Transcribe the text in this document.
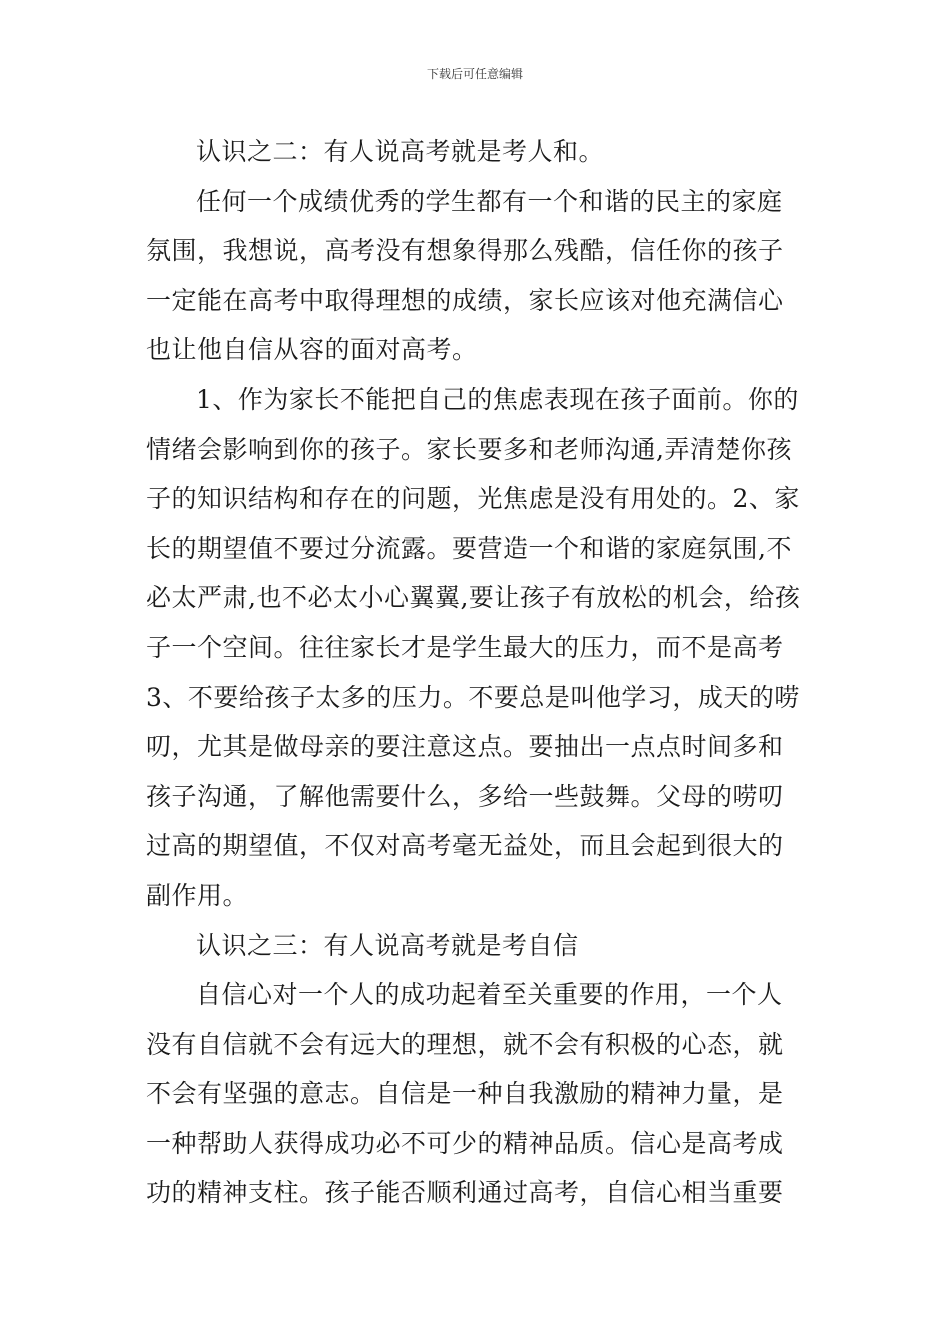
下载后可任意编辑
认识之二：有人说高考就是考人和。
任何一个成绩优秀的学生都有一个和谐的民主的家庭
氛围，我想说，高考没有想象得那么残酷，信任你的孩子
一定能在高考中取得理想的成绩，家长应该对他充满信心
也让他自信从容的面对高考。
1、作为家长不能把自己的焦虑表现在孩子面前。你的
情绪会影响到你的孩子。家长要多和老师沟通,弄清楚你孩
子的知识结构和存在的问题，光焦虑是没有用处的。2、家
长的期望值不要过分流露。要营造一个和谐的家庭氛围,不
必太严肃,也不必太小心翼翼,要让孩子有放松的机会，给孩
子一个空间。往往家长才是学生最大的压力，而不是高考
3、不要给孩子太多的压力。不要总是叫他学习，成天的唠
叨，尤其是做母亲的要注意这点。要抽出一点点时间多和
孩子沟通，了解他需要什么，多给一些鼓舞。父母的唠叨
过高的期望值，不仅对高考毫无益处，而且会起到很大的
副作用。
认识之三：有人说高考就是考自信
自信心对一个人的成功起着至关重要的作用，一个人
没有自信就不会有远大的理想，就不会有积极的心态，就
不会有坚强的意志。自信是一种自我激励的精神力量，是
一种帮助人获得成功必不可少的精神品质。信心是高考成
功的精神支柱。孩子能否顺利通过高考，自信心相当重要
